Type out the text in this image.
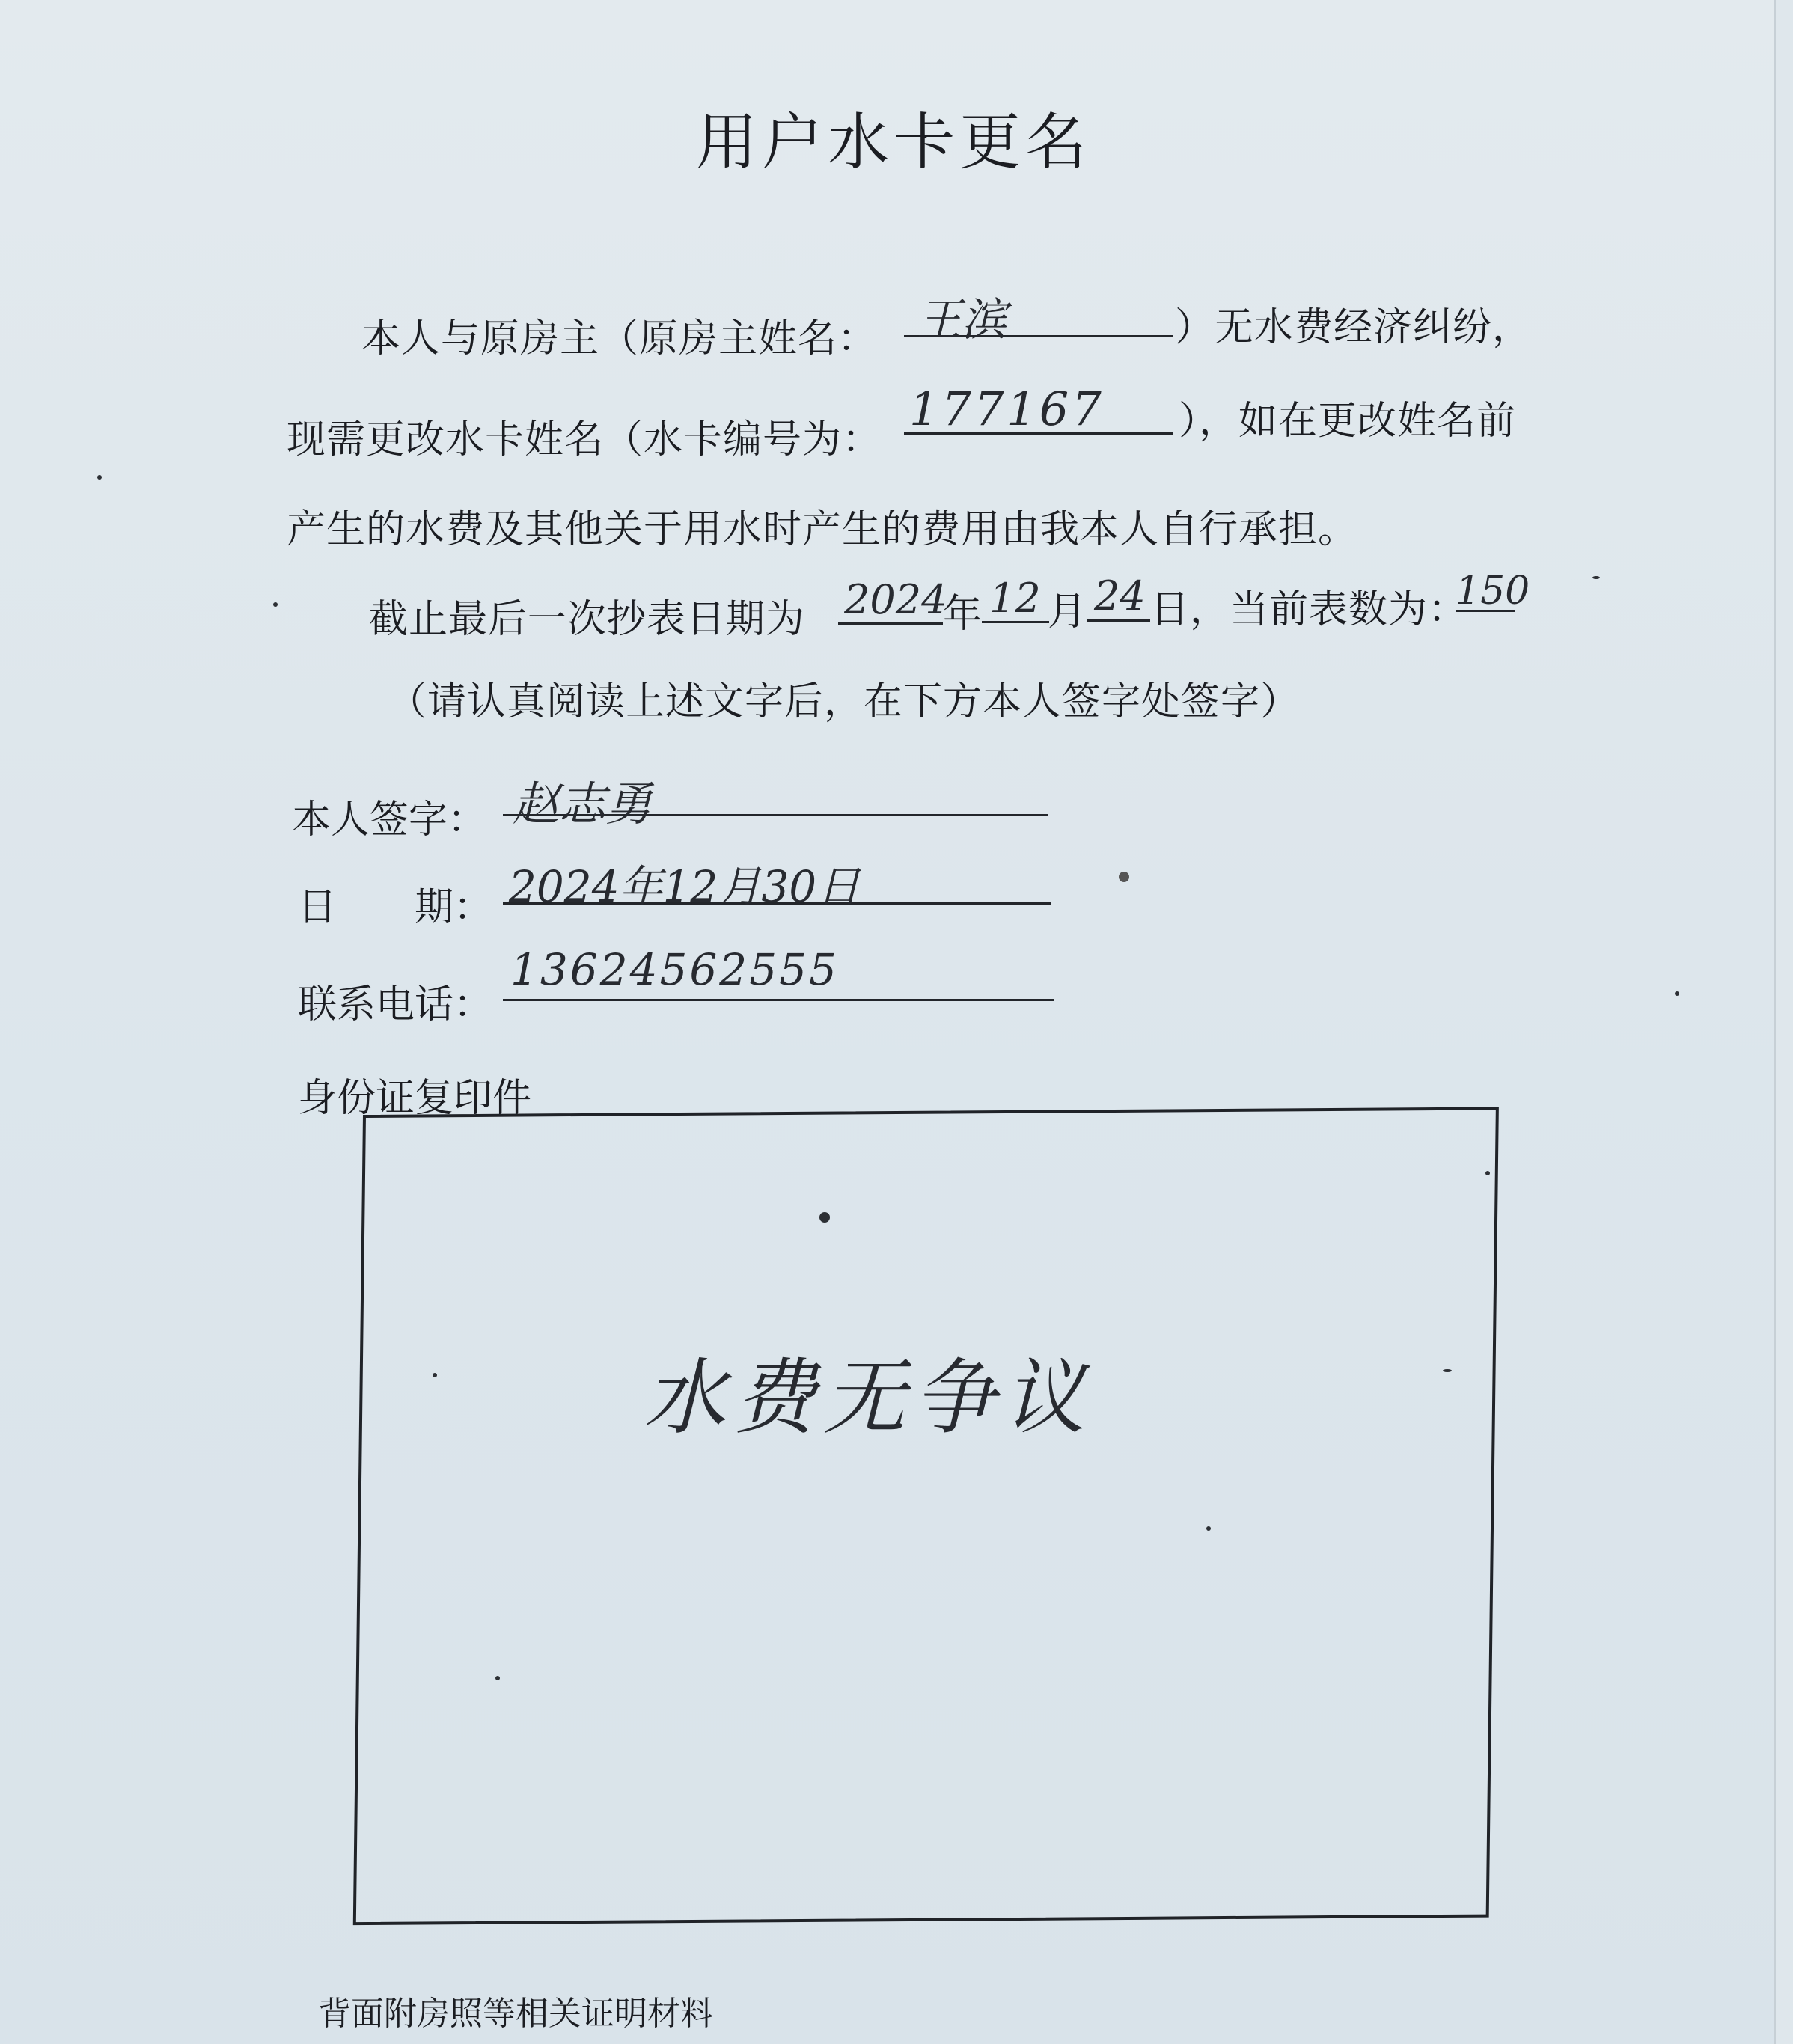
用户水卡更名
本人与原房主（原房主姓名： 王滨	）无水费经济纠纷，
现需更改水卡姓名（水卡编号为：
177167 ），如在更改姓名前
产生的水费及其他关于用水时产生的费用由我本人自行承担。
截止最后一次抄表日期为 2024
年 12 月 24 日，当前表数为：
150
（请认真阅读上述文字后，在下方本人签字处签字）
本人签字： 赵志勇
日　　期： 2024年12月30日
联系电话：
13624562555
身份证复印件
水费无争议
背面附房照等相关证明材料
